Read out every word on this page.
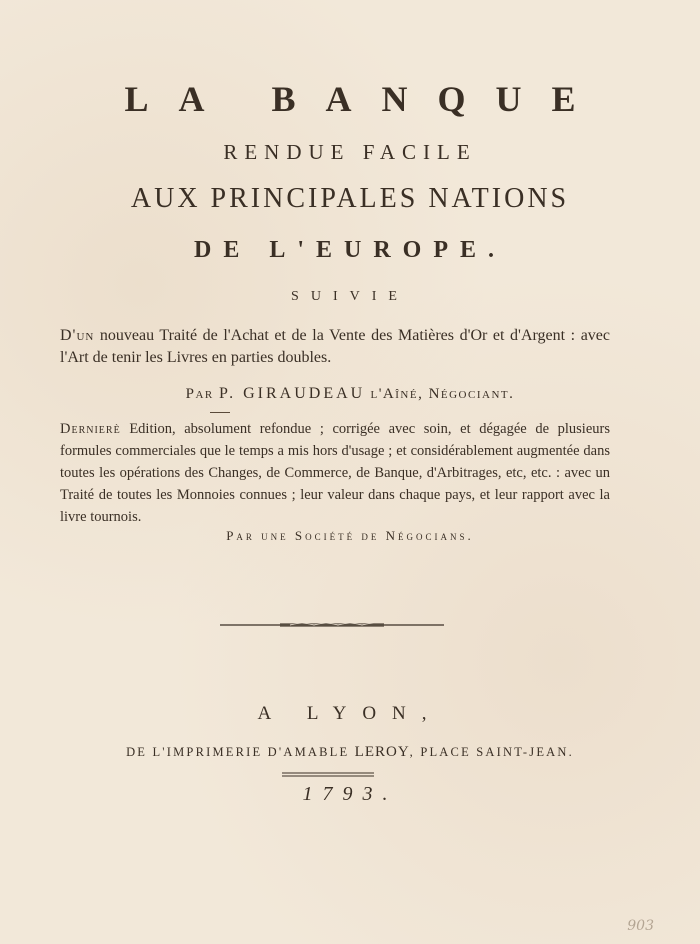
LA BANQUE
RENDUE FACILE
AUX PRINCIPALES NATIONS
DE L'EUROPE.
SUIVIE
D'un nouveau Traité de l'Achat et de la Vente des Matières d'Or et d'Argent : avec l'Art de tenir les Livres en parties doubles.
Par P. GIRAUDEAU l'Aîné, Négociant.
Dernierè Edition, absolument refondue ; corrigée avec soin, et dégagée de plusieurs formules commerciales que le temps a mis hors d'usage ; et considérablement augmentée dans toutes les opérations des Changes, de Commerce, de Banque, d'Arbitrages, etc, etc. : avec un Traité de toutes les Monnoies connues ; leur valeur dans chaque pays, et leur rapport avec la livre tournois.
Par une Société de Négocians.
A LYON,
DE L'IMPRIMERIE D'AMABLE LEROY, PLACE SAINT-JEAN.
1793.
903
